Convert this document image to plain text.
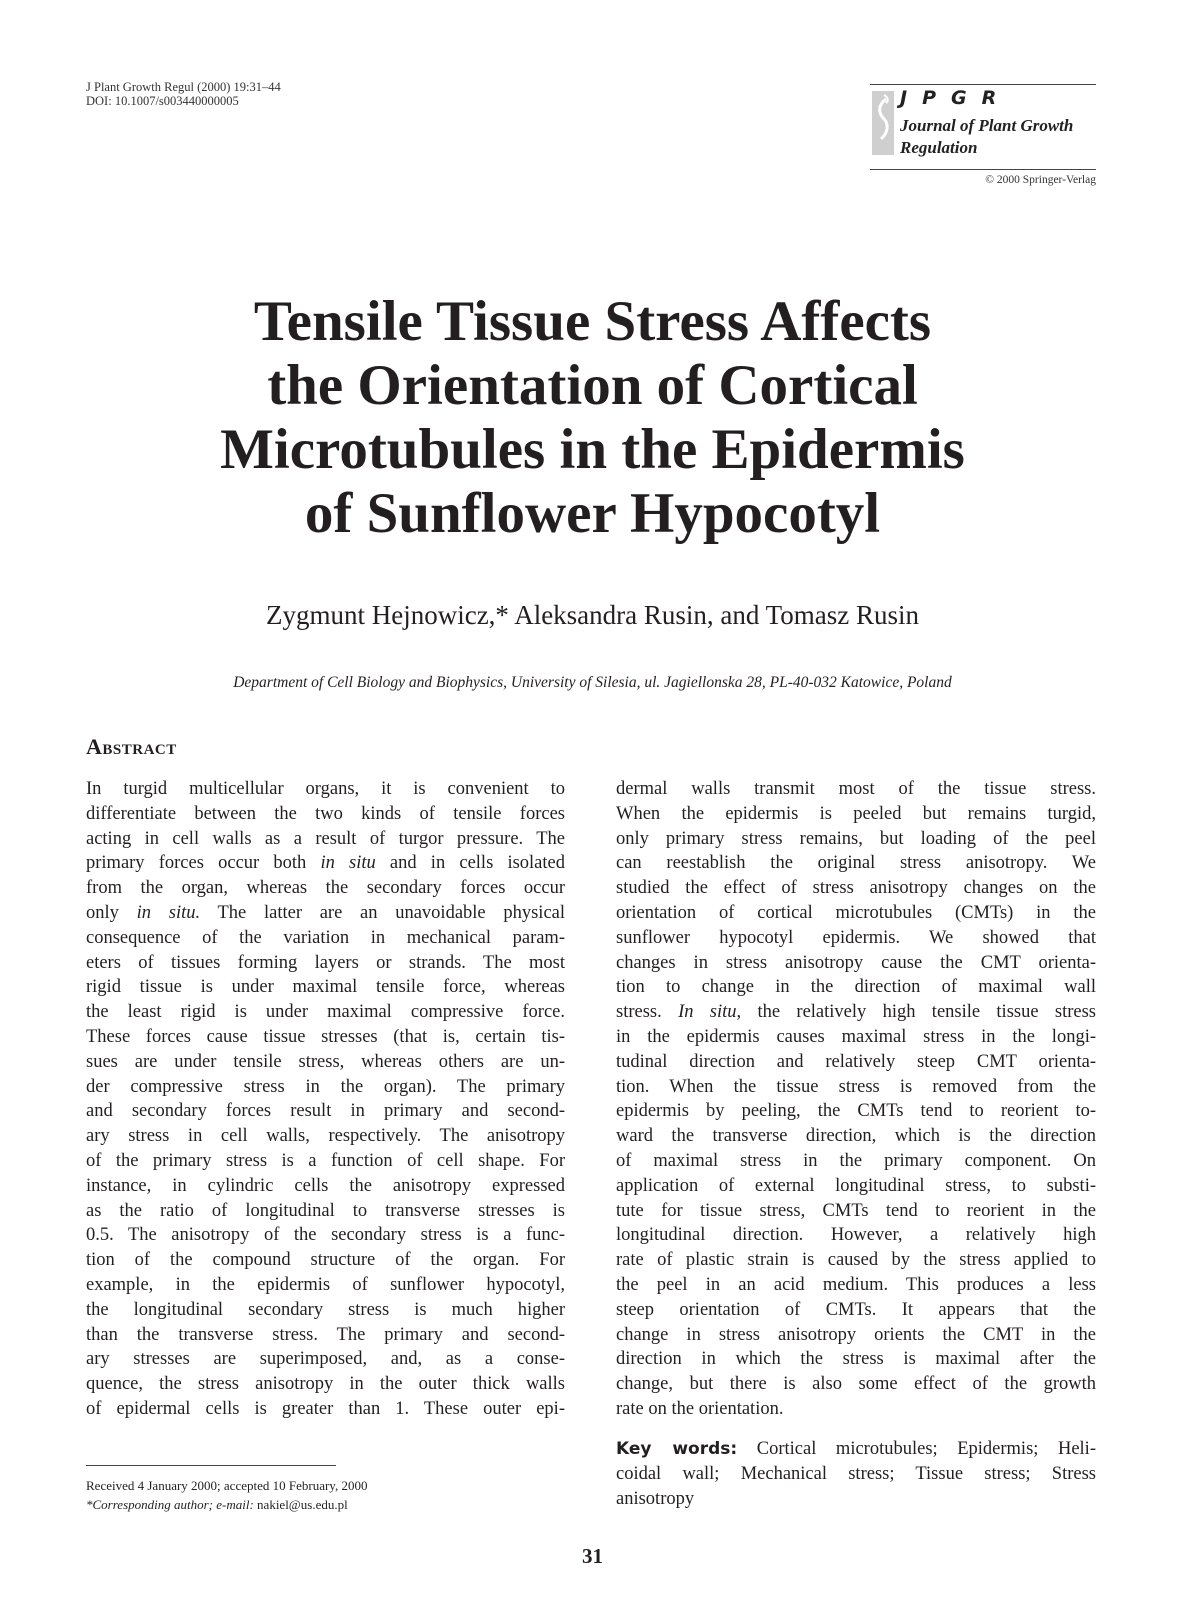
J Plant Growth Regul (2000) 19:31–44
DOI: 10.1007/s003440000005	JPGR
Journal of Plant Growth
Regulation
© 2000 Springer-Verlag
Tensile Tissue Stress Affects
the Orientation of Cortical
Microtubules in the Epidermis
of Sunflower Hypocotyl
Zygmunt Hejnowicz,* Aleksandra Rusin, and Tomasz Rusin
Department of Cell Biology and Biophysics, University of Silesia, ul. Jagiellonska 28, PL-40-032 Katowice, Poland
Abstract
In turgid multicellular organs, it is convenient to
differentiate between the two kinds of tensile forces
acting in cell walls as a result of turgor pressure. The
primary forces occur both in situ and in cells isolated
from the organ, whereas the secondary forces occur
only in situ. The latter are an unavoidable physical
consequence of the variation in mechanical param-
eters of tissues forming layers or strands. The most
rigid tissue is under maximal tensile force, whereas
the least rigid is under maximal compressive force.
These forces cause tissue stresses (that is, certain tis-
sues are under tensile stress, whereas others are un-
der compressive stress in the organ). The primary
and secondary forces result in primary and second-
ary stress in cell walls, respectively. The anisotropy
of the primary stress is a function of cell shape. For
instance, in cylindric cells the anisotropy expressed
as the ratio of longitudinal to transverse stresses is
0.5. The anisotropy of the secondary stress is a func-
tion of the compound structure of the organ. For
example, in the epidermis of sunflower hypocotyl,
the longitudinal secondary stress is much higher
than the transverse stress. The primary and second-
ary stresses are superimposed, and, as a conse-
quence, the stress anisotropy in the outer thick walls
of epidermal cells is greater than 1. These outer epi-
dermal walls transmit most of the tissue stress.
When the epidermis is peeled but remains turgid,
only primary stress remains, but loading of the peel
can reestablish the original stress anisotropy. We
studied the effect of stress anisotropy changes on the
orientation of cortical microtubules (CMTs) in the
sunflower hypocotyl epidermis. We showed that
changes in stress anisotropy cause the CMT orienta-
tion to change in the direction of maximal wall
stress. In situ, the relatively high tensile tissue stress
in the epidermis causes maximal stress in the longi-
tudinal direction and relatively steep CMT orienta-
tion. When the tissue stress is removed from the
epidermis by peeling, the CMTs tend to reorient to-
ward the transverse direction, which is the direction
of maximal stress in the primary component. On
application of external longitudinal stress, to substi-
tute for tissue stress, CMTs tend to reorient in the
longitudinal direction. However, a relatively high
rate of plastic strain is caused by the stress applied to
the peel in an acid medium. This produces a less
steep orientation of CMTs. It appears that the
change in stress anisotropy orients the CMT in the
direction in which the stress is maximal after the
change, but there is also some effect of the growth
rate on the orientation.
Key words: Cortical microtubules; Epidermis; Heli-
coidal wall; Mechanical stress; Tissue stress; Stress
anisotropy
Received 4 January 2000; accepted 10 February, 2000
*Corresponding author; e-mail: nakiel@us.edu.pl
31
